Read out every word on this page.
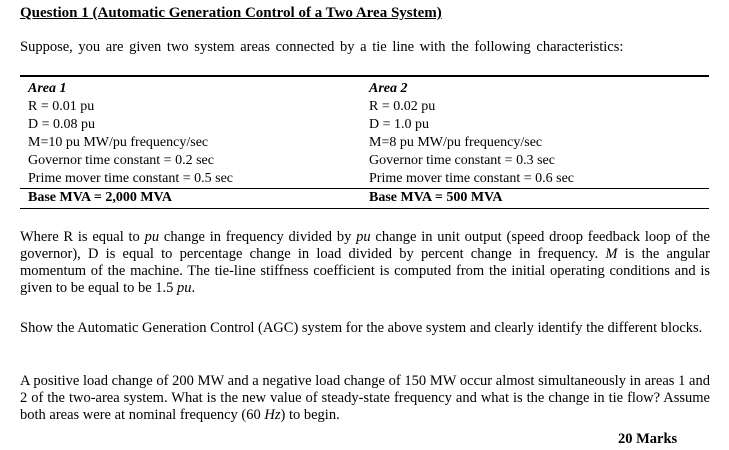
Question 1 (Automatic Generation Control of a Two Area System)
Suppose, you are given two system areas connected by a tie line with the following characteristics:
Area 1
R = 0.01 pu
D = 0.08 pu
M=10 pu MW/pu frequency/sec
Governor time constant = 0.2 sec
Prime mover time constant = 0.5 sec
Base MVA = 2,000 MVA
Area 2
R = 0.02 pu
D = 1.0 pu
M=8 pu MW/pu frequency/sec
Governor time constant = 0.3 sec
Prime mover time constant = 0.6 sec
Base MVA = 500 MVA
Where R is equal to pu change in frequency divided by pu change in unit output (speed droop feedback loop of the governor), D is equal to percentage change in load divided by percent change in frequency. M is the angular momentum of the machine. The tie-line stiffness coefficient is computed from the initial operating conditions and is given to be equal to be 1.5 pu.
Show the Automatic Generation Control (AGC) system for the above system and clearly identify the different blocks.
A positive load change of 200 MW and a negative load change of 150 MW occur almost simultaneously in areas 1 and 2 of the two-area system. What is the new value of steady-state frequency and what is the change in tie flow? Assume both areas were at nominal frequency (60 Hz) to begin.
20 Marks
